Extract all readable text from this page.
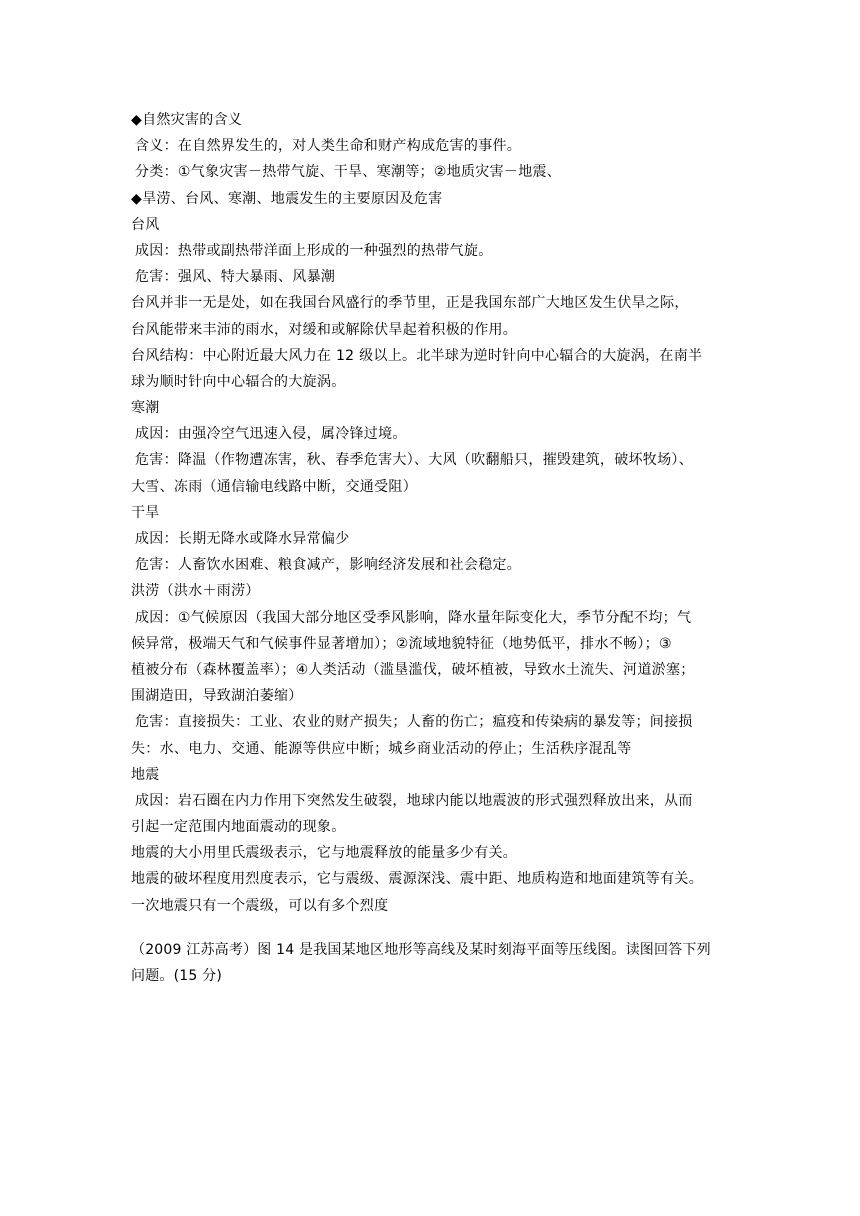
◆自然灾害的含义
含义：在自然界发生的，对人类生命和财产构成危害的事件。
分类：①气象灾害－热带气旋、干旱、寒潮等；②地质灾害－地震、
◆旱涝、台风、寒潮、地震发生的主要原因及危害
台风
成因：热带或副热带洋面上形成的一种强烈的热带气旋。
危害：强风、特大暴雨、风暴潮
台风并非一无是处，如在我国台风盛行的季节里，正是我国东部广大地区发生伏旱之际，
台风能带来丰沛的雨水，对缓和或解除伏旱起着积极的作用。
台风结构：中心附近最大风力在 12 级以上。北半球为逆时针向中心辐合的大旋涡，在南半
球为顺时针向中心辐合的大旋涡。
寒潮
成因：由强冷空气迅速入侵，属冷锋过境。
危害：降温（作物遭冻害，秋、春季危害大）、大风（吹翻船只，摧毁建筑，破坏牧场）、
大雪、冻雨（通信输电线路中断，交通受阻）
干旱
成因：长期无降水或降水异常偏少
危害：人畜饮水困难、粮食减产，影响经济发展和社会稳定。
洪涝（洪水＋雨涝）
成因：①气候原因（我国大部分地区受季风影响，降水量年际变化大，季节分配不均；气
候异常，极端天气和气候事件显著增加）；②流域地貌特征（地势低平，排水不畅）；③
植被分布（森林覆盖率）；④人类活动（滥垦滥伐，破坏植被，导致水土流失、河道淤塞；
围湖造田，导致湖泊萎缩）
危害：直接损失：工业、农业的财产损失；人畜的伤亡；瘟疫和传染病的暴发等；间接损
失：水、电力、交通、能源等供应中断；城乡商业活动的停止；生活秩序混乱等
地震
成因：岩石圈在内力作用下突然发生破裂，地球内能以地震波的形式强烈释放出来，从而
引起一定范围内地面震动的现象。
地震的大小用里氏震级表示，它与地震释放的能量多少有关。
地震的破坏程度用烈度表示，它与震级、震源深浅、震中距、地质构造和地面建筑等有关。
一次地震只有一个震级，可以有多个烈度
（2009 江苏高考）图 14 是我国某地区地形等高线及某时刻海平面等压线图。读图回答下列
问题。(15 分)
